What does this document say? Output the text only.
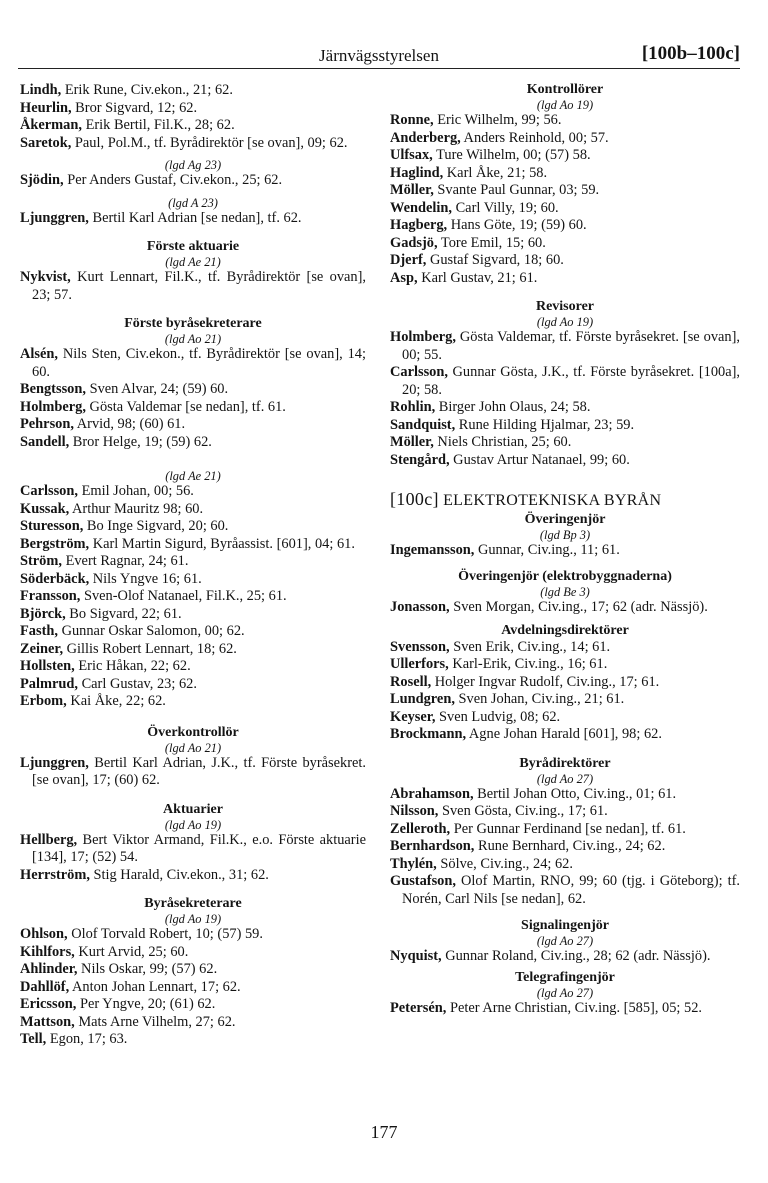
Järnvägsstyrelsen	[100b–100c]
Lindh, Erik Rune, Civ.ekon., 21; 62.
Heurlin, Bror Sigvard, 12; 62.
Åkerman, Erik Bertil, Fil.K., 28; 62.
Saretok, Paul, Pol.M., tf. Byrådirektör [se ovan], 09; 62.
(lgd Ag 23)
Sjödin, Per Anders Gustaf, Civ.ekon., 25; 62.
(lgd A 23)
Ljunggren, Bertil Karl Adrian [se nedan], tf. 62.
Förste aktuarie
(lgd Ae 21)
Nykvist, Kurt Lennart, Fil.K., tf. Byrådirektör [se ovan], 23; 57.
Förste byråsekreterare
(lgd Ao 21)
Alsén, Nils Sten, Civ.ekon., tf. Byrådirektör [se ovan], 14; 60.
Bengtsson, Sven Alvar, 24; (59) 60.
Holmberg, Gösta Valdemar [se nedan], tf. 61.
Pehrson, Arvid, 98; (60) 61.
Sandell, Bror Helge, 19; (59) 62.
(lgd Ae 21)
Carlsson, Emil Johan, 00; 56.
Kussak, Arthur Mauritz 98; 60.
Sturesson, Bo Inge Sigvard, 20; 60.
Bergström, Karl Martin Sigurd, Byråassist. [601], 04; 61.
Ström, Evert Ragnar, 24; 61.
Söderbäck, Nils Yngve 16; 61.
Fransson, Sven-Olof Natanael, Fil.K., 25; 61.
Björck, Bo Sigvard, 22; 61.
Fasth, Gunnar Oskar Salomon, 00; 62.
Zeiner, Gillis Robert Lennart, 18; 62.
Hollsten, Eric Håkan, 22; 62.
Palmrud, Carl Gustav, 23; 62.
Erbom, Kai Åke, 22; 62.
Överkontrollör
(lgd Ao 21)
Ljunggren, Bertil Karl Adrian, J.K., tf. Förste byråsekret. [se ovan], 17; (60) 62.
Aktuarier
(lgd Ao 19)
Hellberg, Bert Viktor Armand, Fil.K., e.o. Förste aktuarie [134], 17; (52) 54.
Herrström, Stig Harald, Civ.ekon., 31; 62.
Byråsekreterare
(lgd Ao 19)
Ohlson, Olof Torvald Robert, 10; (57) 59.
Kihlfors, Kurt Arvid, 25; 60.
Ahlinder, Nils Oskar, 99; (57) 62.
Dahllöf, Anton Johan Lennart, 17; 62.
Ericsson, Per Yngve, 20; (61) 62.
Mattson, Mats Arne Vilhelm, 27; 62.
Tell, Egon, 17; 63.
Kontrollörer
(lgd Ao 19)
Ronne, Eric Wilhelm, 99; 56.
Anderberg, Anders Reinhold, 00; 57.
Ulfsax, Ture Wilhelm, 00; (57) 58.
Haglind, Karl Åke, 21; 58.
Möller, Svante Paul Gunnar, 03; 59.
Wendelin, Carl Villy, 19; 60.
Hagberg, Hans Göte, 19; (59) 60.
Gadsjö, Tore Emil, 15; 60.
Djerf, Gustaf Sigvard, 18; 60.
Asp, Karl Gustav, 21; 61.
Revisorer
(lgd Ao 19)
Holmberg, Gösta Valdemar, tf. Förste byråsekret. [se ovan], 00; 55.
Carlsson, Gunnar Gösta, J.K., tf. Förste byråsekret. [100a], 20; 58.
Rohlin, Birger John Olaus, 24; 58.
Sandquist, Rune Hilding Hjalmar, 23; 59.
Möller, Niels Christian, 25; 60.
Stengård, Gustav Artur Natanael, 99; 60.
[100c] ELEKTROTEKNISKA BYRÅN
Överingenjör
(lgd Bp 3)
Ingemansson, Gunnar, Civ.ing., 11; 61.
Överingenjör (elektrobyggnaderna)
(lgd Be 3)
Jonasson, Sven Morgan, Civ.ing., 17; 62 (adr. Nässjö).
Avdelningsdirektörer
Svensson, Sven Erik, Civ.ing., 14; 61.
Ullerfors, Karl-Erik, Civ.ing., 16; 61.
Rosell, Holger Ingvar Rudolf, Civ.ing., 17; 61.
Lundgren, Sven Johan, Civ.ing., 21; 61.
Keyser, Sven Ludvig, 08; 62.
Brockmann, Agne Johan Harald [601], 98; 62.
Byrådirektörer
(lgd Ao 27)
Abrahamson, Bertil Johan Otto, Civ.ing., 01; 61.
Nilsson, Sven Gösta, Civ.ing., 17; 61.
Zelleroth, Per Gunnar Ferdinand [se nedan], tf. 61.
Bernhardson, Rune Bernhard, Civ.ing., 24; 62.
Thylén, Sölve, Civ.ing., 24; 62.
Gustafson, Olof Martin, RNO, 99; 60 (tjg. i Göteborg); tf. Norén, Carl Nils [se nedan], 62.
Signalingenjör
(lgd Ao 27)
Nyquist, Gunnar Roland, Civ.ing., 28; 62 (adr. Nässjö).
Telegrafingenjör
(lgd Ao 27)
Petersén, Peter Arne Christian, Civ.ing. [585], 05; 52.
177
